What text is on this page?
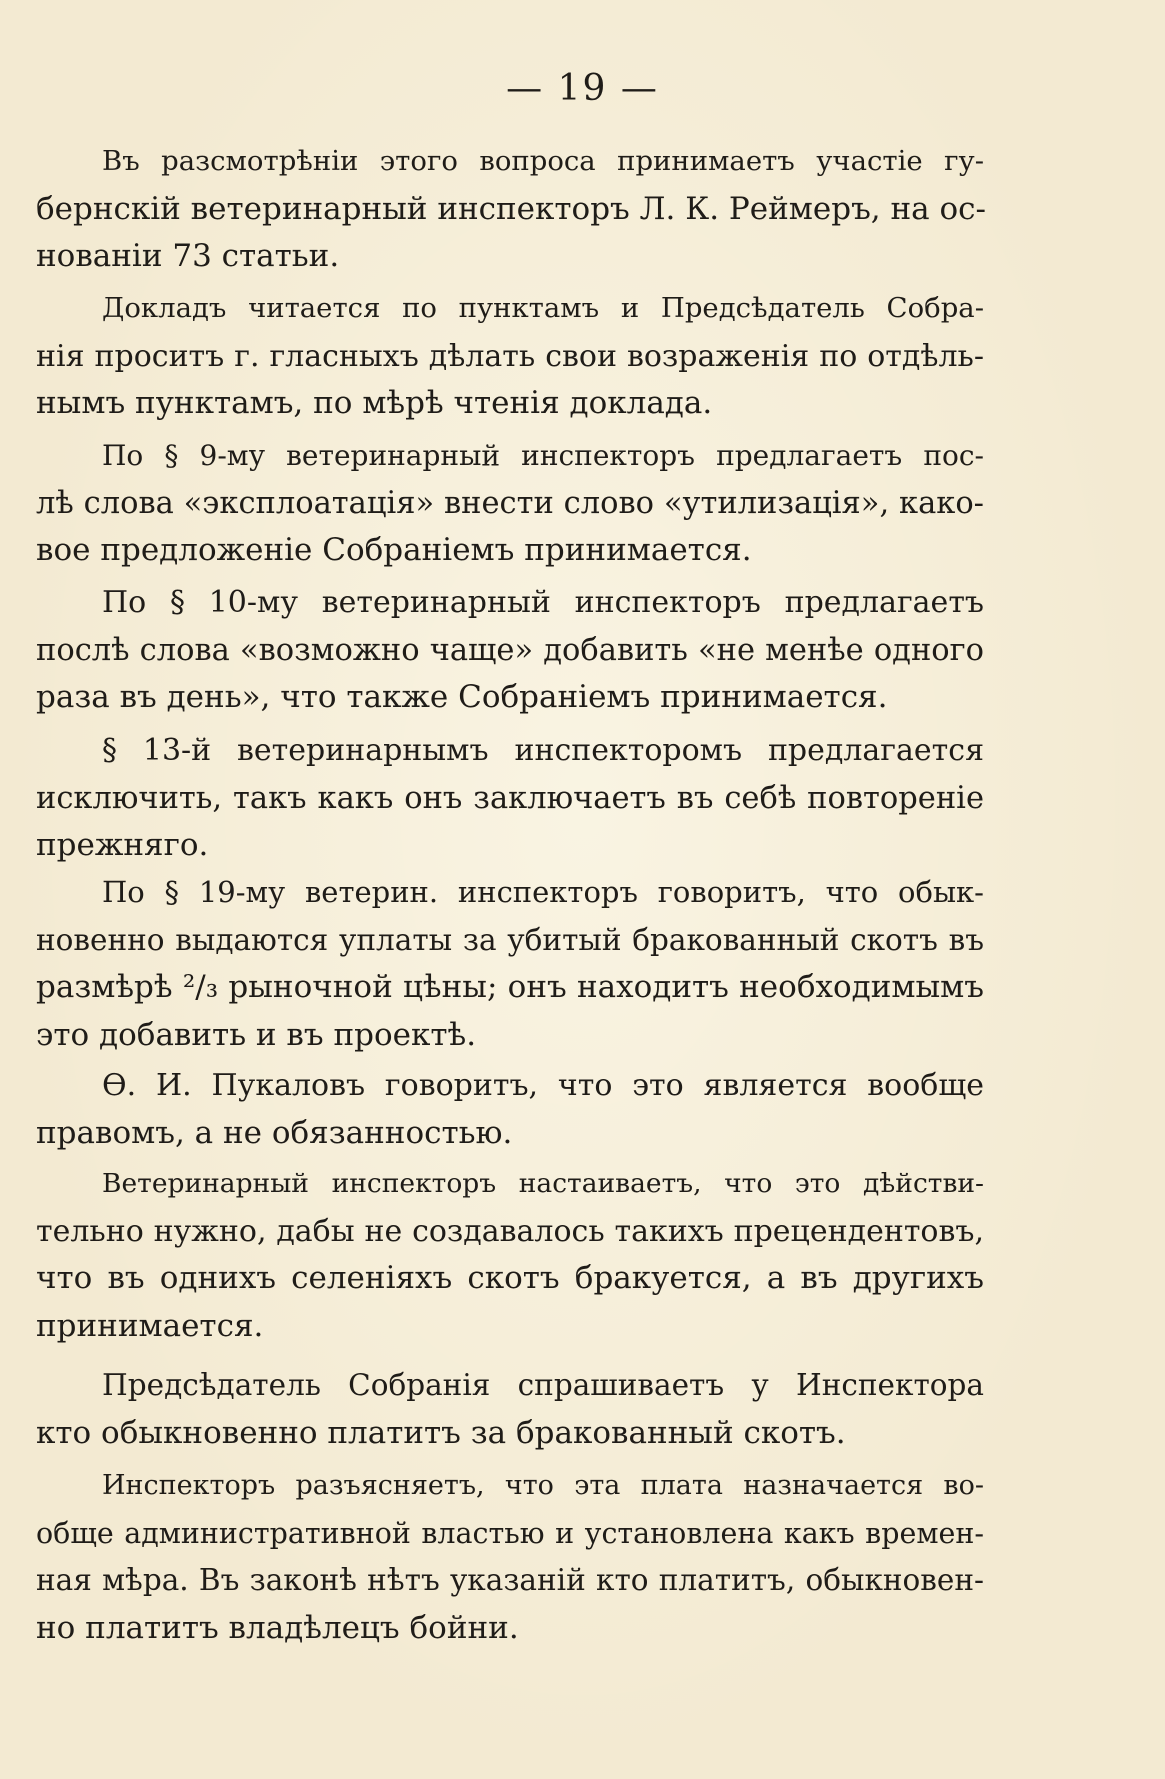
— 19 —
Въ разсмотрѣніи этого вопроса принимаетъ участіе гу-
бернскій ветеринарный инспекторъ Л. К. Реймеръ, на ос-
нованіи 73 статьи.
Докладъ читается по пунктамъ и Предсѣдатель Собра-
нія проситъ г. гласныхъ дѣлать свои возраженія по отдѣль-
нымъ пунктамъ, по мѣрѣ чтенія доклада.
По § 9-му ветеринарный инспекторъ предлагаетъ пос-
лѣ слова «эксплоатація» внести слово «утилизація», како-
вое предложеніе Собраніемъ принимается.
По § 10-му ветеринарный инспекторъ предлагаетъ
послѣ слова «возможно чаще» добавить «не менѣе одного
раза въ день», что также Собраніемъ принимается.
§ 13-й ветеринарнымъ инспекторомъ предлагается
исключить, такъ какъ онъ заключаетъ въ себѣ повтореніе
прежняго.
По § 19-му ветерин. инспекторъ говоритъ, что обык-
новенно выдаются уплаты за убитый бракованный скотъ въ
размѣрѣ ²/₃ рыночной цѣны; онъ находитъ необходимымъ
это добавить и въ проектѣ.
Ѳ. И. Пукаловъ говоритъ, что это является вообще
правомъ, а не обязанностью.
Ветеринарный инспекторъ настаиваетъ, что это дѣйстви-
тельно нужно, дабы не создавалось такихъ прецендентовъ,
что въ однихъ селеніяхъ скотъ бракуется, а въ другихъ
принимается.
Предсѣдатель Собранія спрашиваетъ у Инспектора
кто обыкновенно платитъ за бракованный скотъ.
Инспекторъ разъясняетъ, что эта плата назначается во-
обще административной властью и установлена какъ времен-
ная мѣра. Въ законѣ нѣтъ указаній кто платитъ, обыкновен-
но платитъ владѣлецъ бойни.
